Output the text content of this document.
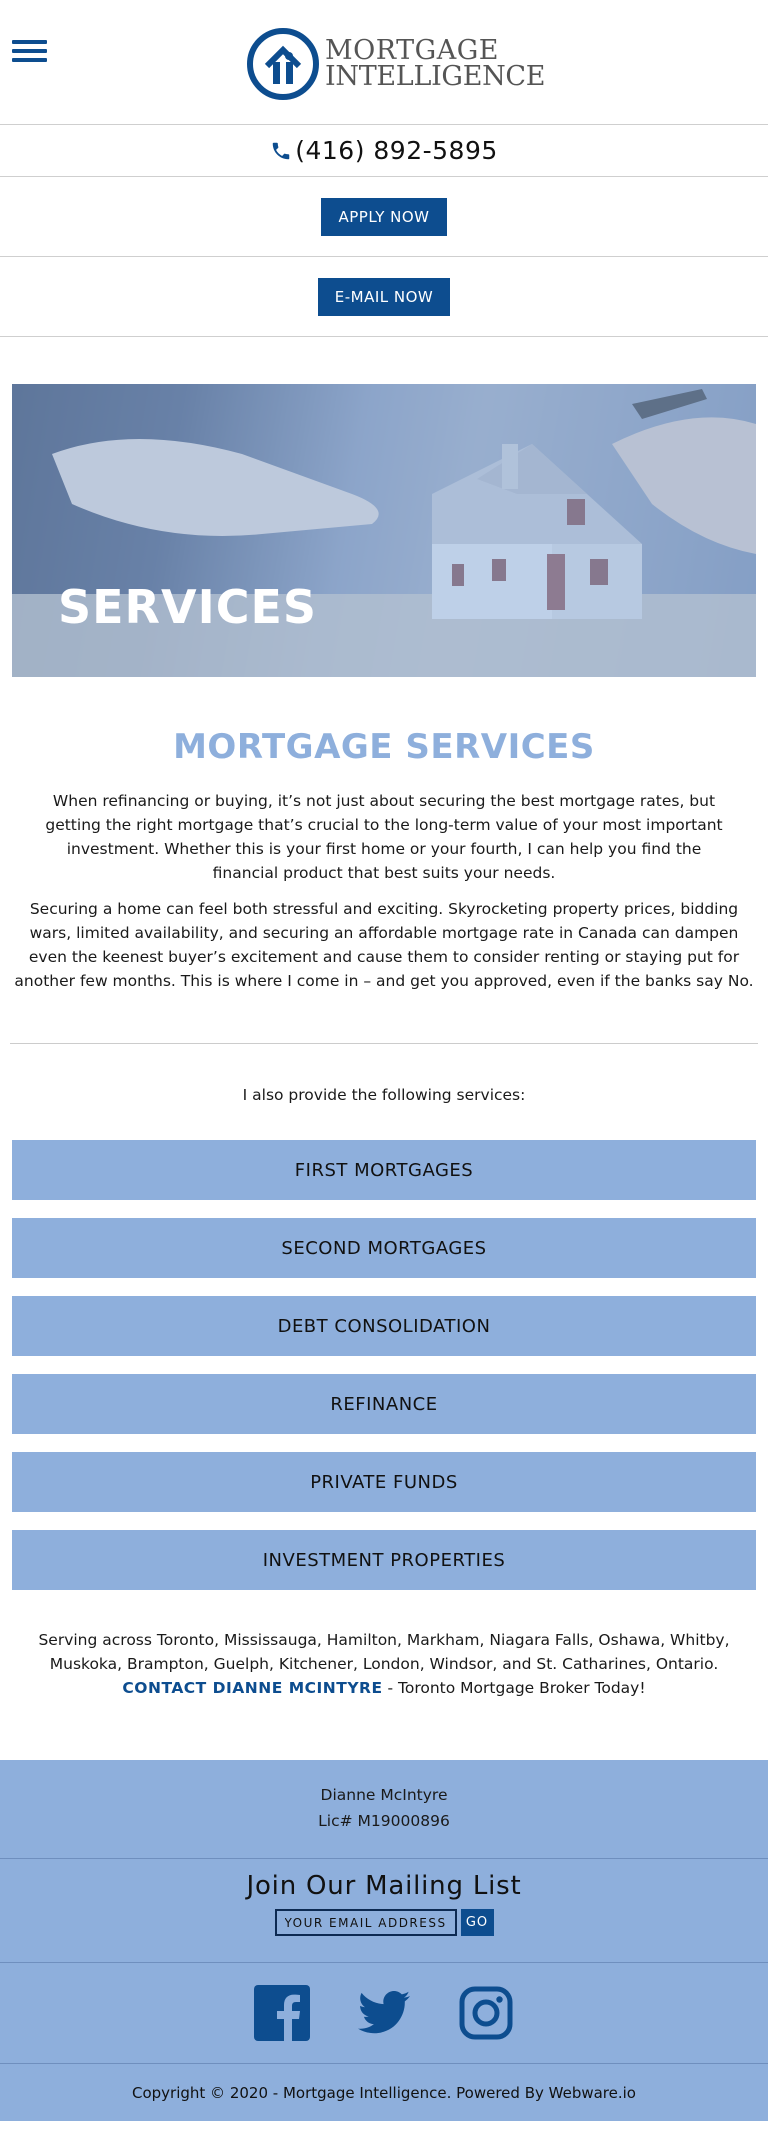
MORTGAGE
INTELLIGENCE
(416) 892-5895
APPLY NOW
E-MAIL NOW
SERVICES
MORTGAGE SERVICES

When refinancing or buying, it’s not just about securing the best mortgage rates, but getting the right mortgage that’s crucial to the long-term value of your most important investment. Whether this is your first home or your fourth, I can help you find the financial product that best suits your needs.

Securing a home can feel both stressful and exciting. Skyrocketing property prices, bidding wars, limited availability, and securing an affordable mortgage rate in Canada can dampen even the keenest buyer’s excitement and cause them to consider renting or staying put for another few months. This is where I come in – and get you approved, even if the banks say No.

I also provide the following services:

FIRST MORTGAGES
SECOND MORTGAGES
DEBT CONSOLIDATION
REFINANCE
PRIVATE FUNDS
INVESTMENT PROPERTIES
Serving across Toronto, Mississauga, Hamilton, Markham, Niagara Falls, Oshawa, Whitby, Muskoka, Brampton, Guelph, Kitchener, London, Windsor, and St. Catharines, Ontario.
CONTACT DIANNE MCINTYRE - Toronto Mortgage Broker Today!
Dianne McIntyre
Lic# M19000896
Join Our Mailing List
YOUR EMAIL ADDRESS
GO
Copyright © 2020 - Mortgage Intelligence. Powered By Webware.io
